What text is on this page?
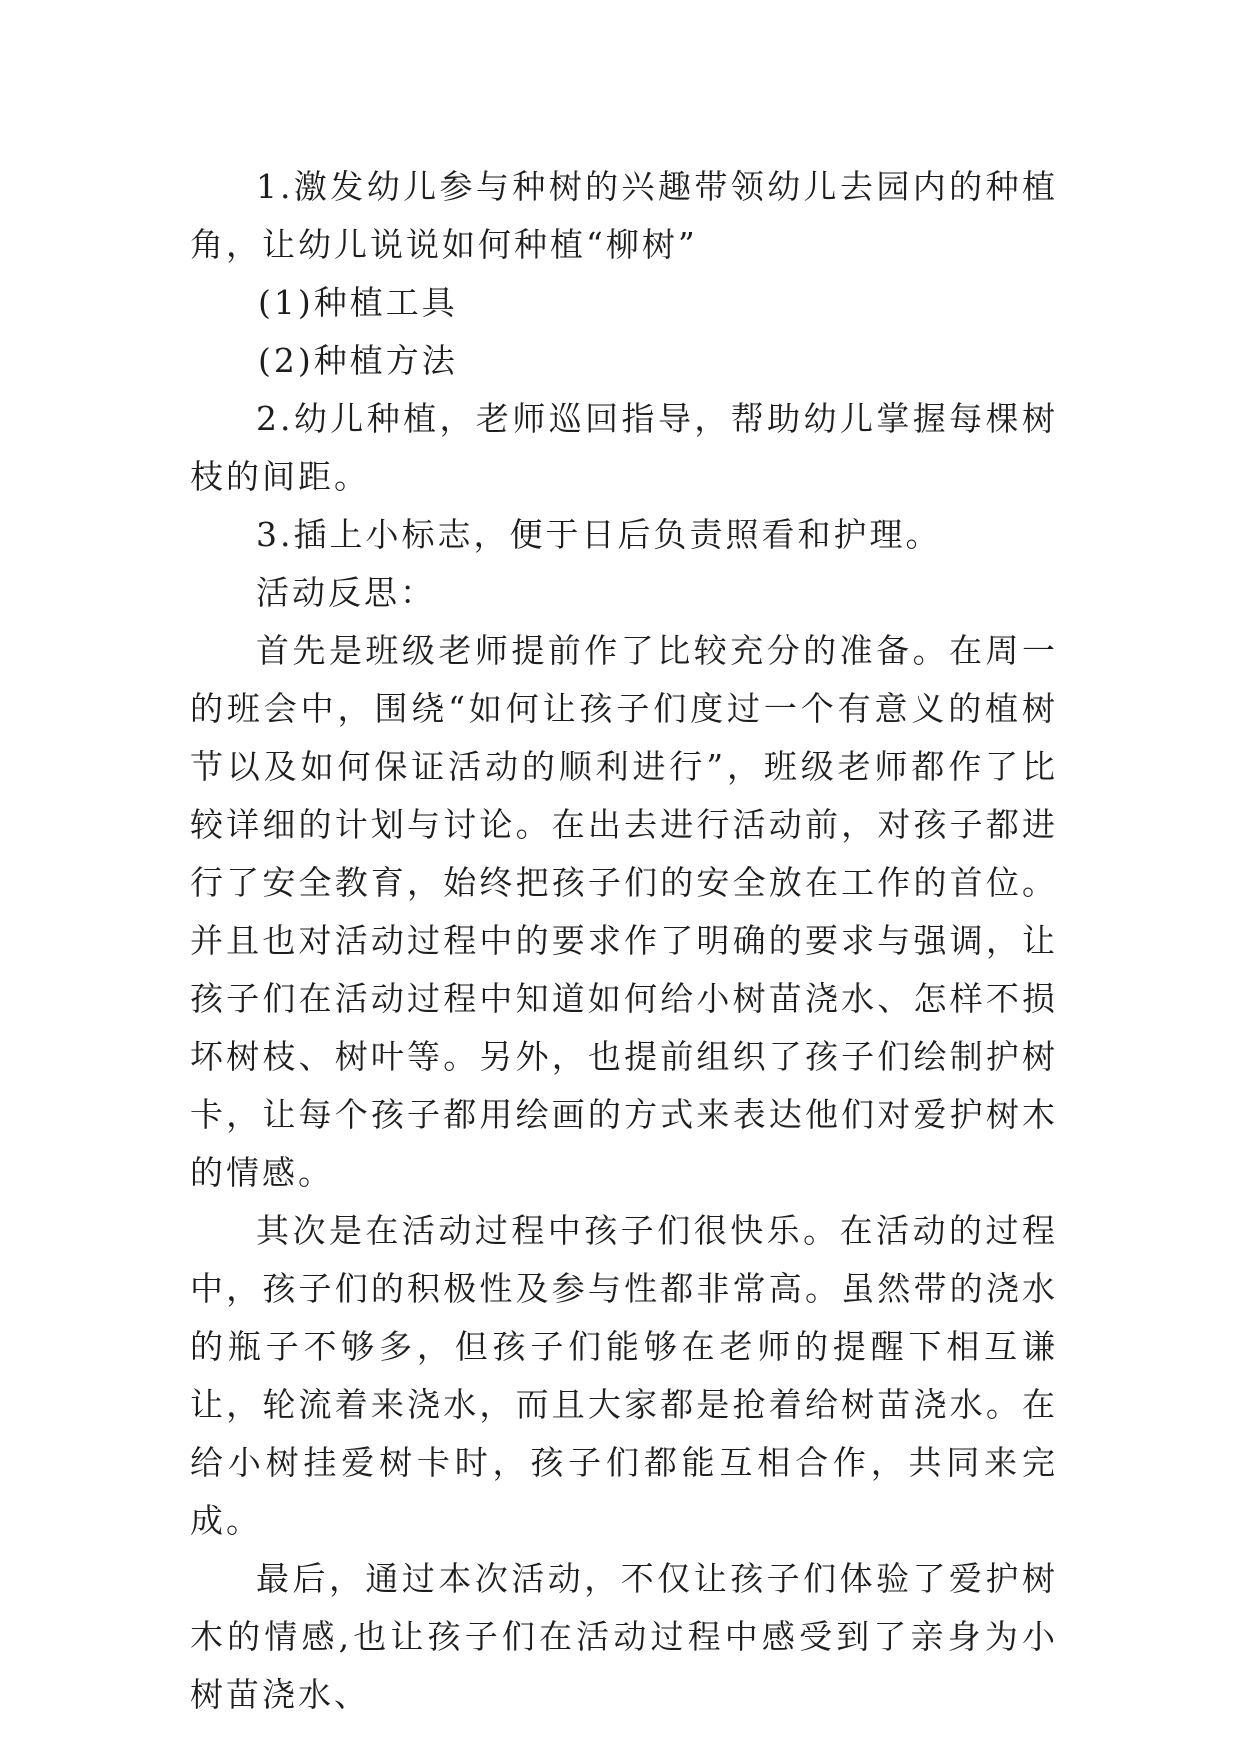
1.激发幼儿参与种树的兴趣带领幼儿去园内的种植角，让幼儿说说如何种植“柳树”

(1)种植工具

(2)种植方法

2.幼儿种植，老师巡回指导，帮助幼儿掌握每棵树枝的间距。

3.插上小标志，便于日后负责照看和护理。

活动反思：

首先是班级老师提前作了比较充分的准备。在周一的班会中，围绕“如何让孩子们度过一个有意义的植树节以及如何保证活动的顺利进行”，班级老师都作了比较详细的计划与讨论。在出去进行活动前，对孩子都进行了安全教育，始终把孩子们的安全放在工作的首位。并且也对活动过程中的要求作了明确的要求与强调，让孩子们在活动过程中知道如何给小树苗浇水、怎样不损坏树枝、树叶等。另外，也提前组织了孩子们绘制护树卡，让每个孩子都用绘画的方式来表达他们对爱护树木的情感。

其次是在活动过程中孩子们很快乐。在活动的过程中，孩子们的积极性及参与性都非常高。虽然带的浇水的瓶子不够多，但孩子们能够在老师的提醒下相互谦让，轮流着来浇水，而且大家都是抢着给树苗浇水。在给小树挂爱树卡时，孩子们都能互相合作，共同来完成。

最后，通过本次活动，不仅让孩子们体验了爱护树木的情感,也让孩子们在活动过程中感受到了亲身为小树苗浇水、
